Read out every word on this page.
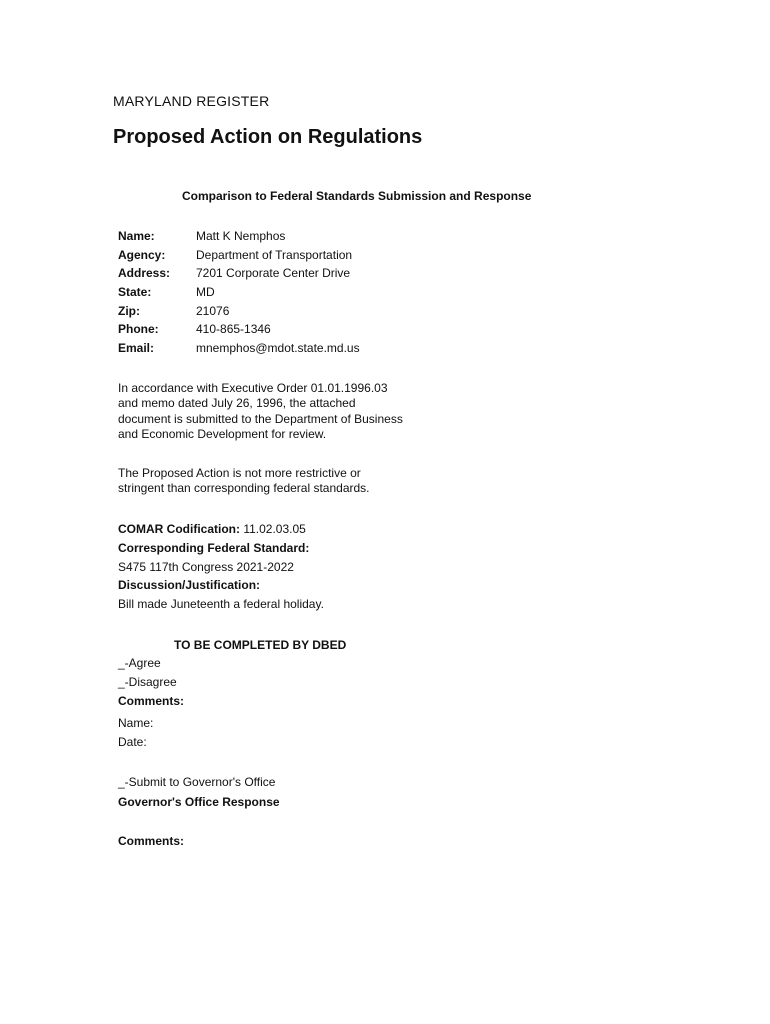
MARYLAND REGISTER
Proposed Action on Regulations
Comparison to Federal Standards Submission and Response
Name:	Matt K Nemphos
Agency:	Department of Transportation
Address: 7201 Corporate Center Drive
State:	MD
Zip:	21076
Phone:	410-865-1346
Email:	mnemphos@mdot.state.md.us
In accordance with Executive Order 01.01.1996.03 and memo dated July 26, 1996, the attached document is submitted to the Department of Business and Economic Development for review.
The Proposed Action is not more restrictive or stringent than corresponding federal standards.
COMAR Codification: 11.02.03.05
Corresponding Federal Standard:
S475 117th Congress 2021-2022
Discussion/Justification:
Bill made Juneteenth a federal holiday.
TO BE COMPLETED BY DBED
_-Agree
_-Disagree
Comments:
Name:
Date:
_-Submit to Governor's Office
Governor's Office Response
Comments:
